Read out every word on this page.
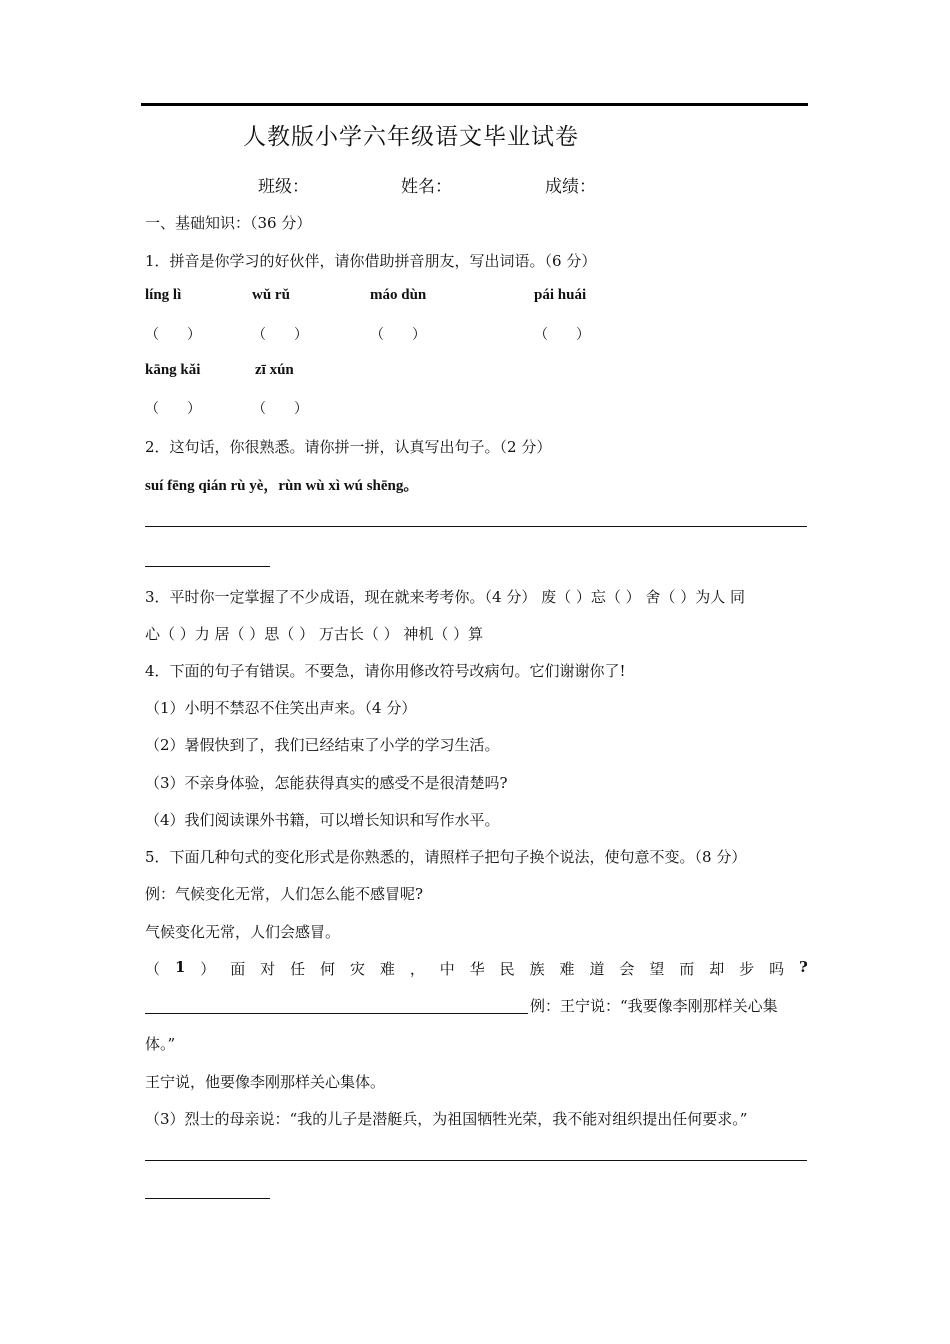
人教版小学六年级语文毕业试卷
班级：	姓名：	成绩：
一、基础知识：（36 分）
1．拼音是你学习的好伙伴，请你借助拼音朋友，写出词语。（6 分）
líng lì	wǔ rǔ	máo dùn	pái huái
（　　）	（　　）	（　　）	（　　）
kāng kǎi	zī xún
（　　）	（　　）
2．这句话，你很熟悉。请你拼一拼，认真写出句子。（2 分）
suí fēng qián rù yè，rùn wù xì wú shēng。
3．平时你一定掌握了不少成语，现在就来考考你。（4 分） 废（ ）忘（ ） 舍（ ）为人 同
心（ ）力 居（ ）思（ ） 万古长（ ） 神机（ ）算
4．下面的句子有错误。不要急，请你用修改符号改病句。它们谢谢你了!
（1）小明不禁忍不住笑出声来。（4 分）
（2）暑假快到了，我们已经结束了小学的学习生活。
（3）不亲身体验，怎能获得真实的感受不是很清楚吗?
（4）我们阅读课外书籍，可以增长知识和写作水平。
5．下面几种句式的变化形式是你熟悉的，请照样子把句子换个说法，使句意不变。（8 分）
例：气候变化无常，人们怎么能不感冒呢?
气候变化无常，人们会感冒。
（ 1 ） 面 对 任 何 灾 难 ， 中 华 民 族 难 道 会 望 而 却 步 吗 ?
例：王宁说：“我要像李刚那样关心集
体。”
王宁说，他要像李刚那样关心集体。
（3）烈士的母亲说：“我的儿子是潜艇兵，为祖国牺牲光荣，我不能对组织提出任何要求。”
